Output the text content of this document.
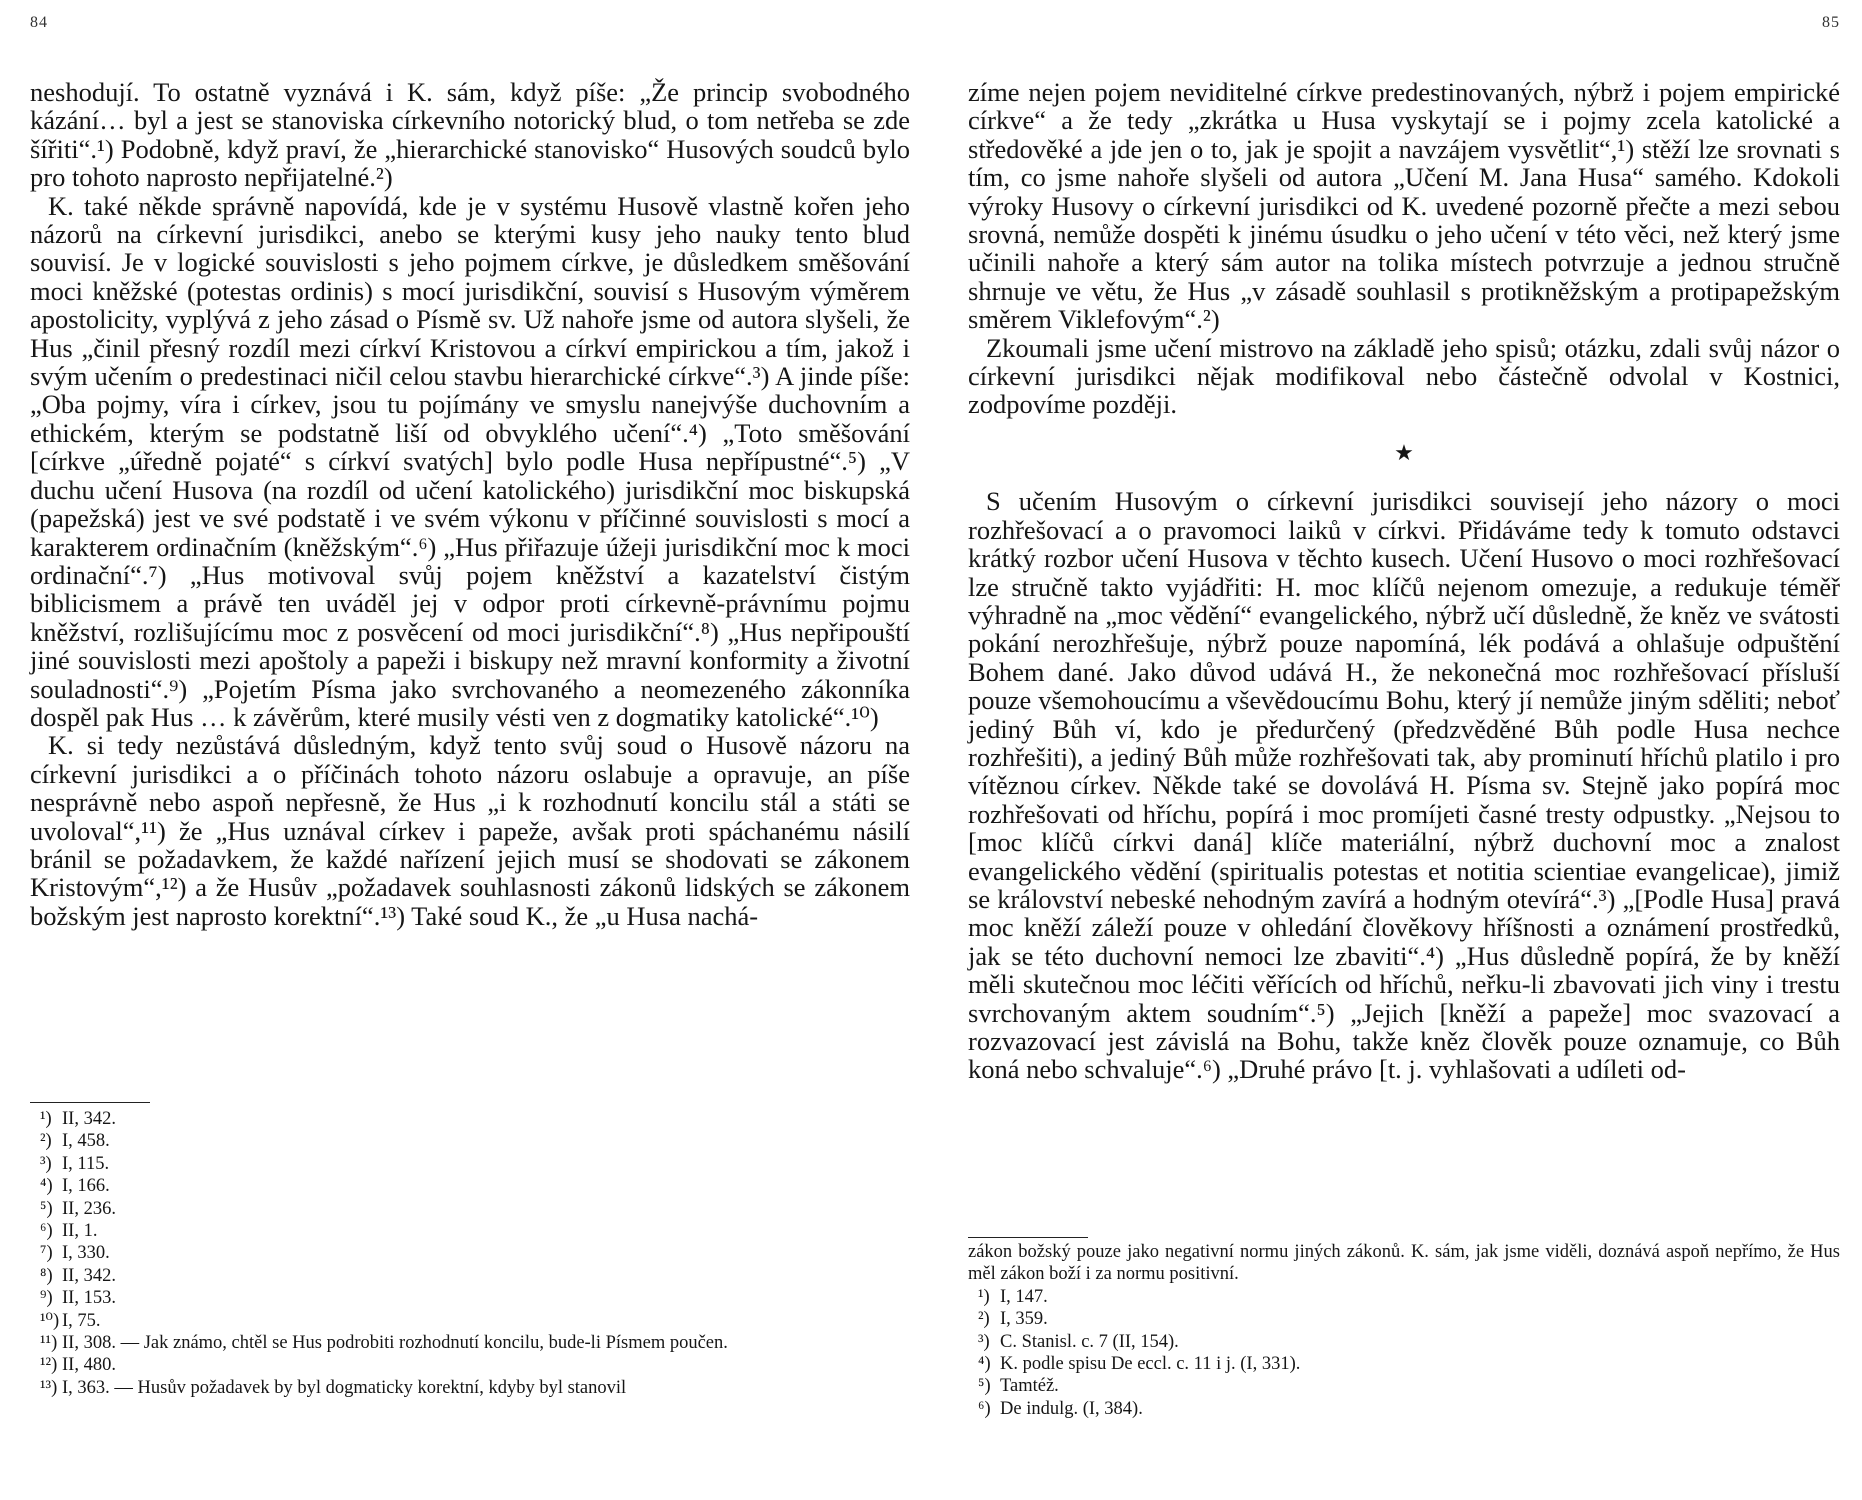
84

neshodují. To ostatně vyznává i K. sám, když píše: „Že princip svobodného kázání… byl a jest se stanoviska církevního notorický blud, o tom netřeba se zde šířiti“.¹) Podobně, když praví, že „hierarchické stanovisko“ Husových soudců bylo pro tohoto naprosto nepřijatelné.²)

K. také někde správně napovídá, kde je v systému Husově vlastně kořen jeho názorů na církevní jurisdikci, anebo se kterými kusy jeho nauky tento blud souvisí. Je v logické souvislosti s jeho pojmem církve, je důsledkem směšování moci kněžské (potestas ordinis) s mocí jurisdikční, souvisí s Husovým výměrem apostolicity, vyplývá z jeho zásad o Písmě sv. Už nahoře jsme od autora slyšeli, že Hus „činil přesný rozdíl mezi církví Kristovou a církví empirickou a tím, jakož i svým učením o predestinaci ničil celou stavbu hierarchické církve“.³) A jinde píše: „Oba pojmy, víra i církev, jsou tu pojímány ve smyslu nanejvýše duchovním a ethickém, kterým se podstatně liší od obvyklého učení“.⁴) „Toto směšování [církve „úředně pojaté“ s církví svatých] bylo podle Husa nepřípustné“.⁵) „V duchu učení Husova (na rozdíl od učení katolického) jurisdikční moc biskupská (papežská) jest ve své podstatě i ve svém výkonu v příčinné souvislosti s mocí a karakterem ordinačním (kněžským“.⁶) „Hus přiřazuje úžeji jurisdikční moc k moci ordinační“.⁷) „Hus motivoval svůj pojem kněžství a kazatelství čistým biblicismem a právě ten uváděl jej v odpor proti církevně-právnímu pojmu kněžství, rozlišujícímu moc z posvěcení od moci jurisdikční“.⁸) „Hus nepřipouští jiné souvislosti mezi apoštoly a papeži i biskupy než mravní konformity a životní souladnosti“.⁹) „Pojetím Písma jako svrchovaného a neomezeného zákonníka dospěl pak Hus … k závěrům, které musily vésti ven z dogmatiky katolické“.¹⁰)

K. si tedy nezůstává důsledným, když tento svůj soud o Husově názoru na církevní jurisdikci a o příčinách tohoto názoru oslabuje a opravuje, an píše nesprávně nebo aspoň nepřesně, že Hus „i k rozhodnutí koncilu stál a státi se uvoloval“,¹¹) že „Hus uznával církev i papeže, avšak proti spáchanému násilí bránil se požadavkem, že každé nařízení jejich musí se shodovati se zákonem Kristovým“,¹²) a že Husův „požadavek souhlasnosti zákonů lidských se zákonem božským jest naprosto korektní“.¹³) Také soud K., že „u Husa nachá-

¹) II, 342.

²) I, 458.

³) I, 115.

⁴) I, 166.

⁵) II, 236.

⁶) II, 1.

⁷) I, 330.

⁸) II, 342.

⁹) II, 153.

¹⁰) I, 75.

¹¹) II, 308. — Jak známo, chtěl se Hus podrobiti rozhodnutí koncilu, bude-li Písmem poučen.

¹²) II, 480.

¹³) I, 363. — Husův požadavek by byl dogmaticky korektní, kdyby byl stanovil

85

zíme nejen pojem neviditelné církve predestinovaných, nýbrž i pojem empirické církve“ a že tedy „zkrátka u Husa vyskytají se i pojmy zcela katolické a středověké a jde jen o to, jak je spojit a navzájem vysvětlit“,¹) stěží lze srovnati s tím, co jsme nahoře slyšeli od autora „Učení M. Jana Husa“ samého. Kdokoli výroky Husovy o církevní jurisdikci od K. uvedené pozorně přečte a mezi sebou srovná, nemůže dospěti k jinému úsudku o jeho učení v této věci, než který jsme učinili nahoře a který sám autor na tolika místech potvrzuje a jednou stručně shrnuje ve větu, že Hus „v zásadě souhlasil s protikněžským a protipapežským směrem Viklefovým“.²)

Zkoumali jsme učení mistrovo na základě jeho spisů; otázku, zdali svůj názor o církevní jurisdikci nějak modifikoval nebo částečně odvolal v Kostnici, zodpovíme později.

★

S učením Husovým o církevní jurisdikci souvisejí jeho názory o moci rozhřešovací a o pravomoci laiků v církvi. Přidáváme tedy k tomuto odstavci krátký rozbor učení Husova v těchto kusech. Učení Husovo o moci rozhřešovací lze stručně takto vyjádřiti: H. moc klíčů nejenom omezuje, a redukuje téměř výhradně na „moc vědění“ evangelického, nýbrž učí důsledně, že kněz ve svátosti pokání nerozhřešuje, nýbrž pouze napomíná, lék podává a ohlašuje odpuštění Bohem dané. Jako důvod udává H., že nekonečná moc rozhřešovací přísluší pouze všemohoucímu a vševědoucímu Bohu, který jí nemůže jiným sděliti; neboť jediný Bůh ví, kdo je předurčený (předzvěděné Bůh podle Husa nechce rozhřešiti), a jediný Bůh může rozhřešovati tak, aby prominutí hříchů platilo i pro vítěznou církev. Někde také se dovolává H. Písma sv. Stejně jako popírá moc rozhřešovati od hříchu, popírá i moc promíjeti časné tresty odpustky. „Nejsou to [moc klíčů církvi daná] klíče materiální, nýbrž duchovní moc a znalost evangelického vědění (spiritualis potestas et notitia scientiae evangelicae), jimiž se království nebeské nehodným zavírá a hodným otevírá“.³) „[Podle Husa] pravá moc kněží záleží pouze v ohledání člověkovy hříšnosti a oznámení prostředků, jak se této duchovní nemoci lze zbaviti“.⁴) „Hus důsledně popírá, že by kněží měli skutečnou moc léčiti věřících od hříchů, neřku-li zbavovati jich viny i trestu svrchovaným aktem soudním“.⁵) „Jejich [kněží a papeže] moc svazovací a rozvazovací jest závislá na Bohu, takže kněz člověk pouze oznamuje, co Bůh koná nebo schvaluje“.⁶) „Druhé právo [t. j. vyhlašovati a udíleti od-

zákon božský pouze jako negativní normu jiných zákonů. K. sám, jak jsme viděli, doznává aspoň nepřímo, že Hus měl zákon boží i za normu positivní.

¹) I, 147.

²) I, 359.

³) C. Stanisl. c. 7 (II, 154).

⁴) K. podle spisu De eccl. c. 11 i j. (I, 331).

⁵) Tamtéž.

⁶) De indulg. (I, 384).
